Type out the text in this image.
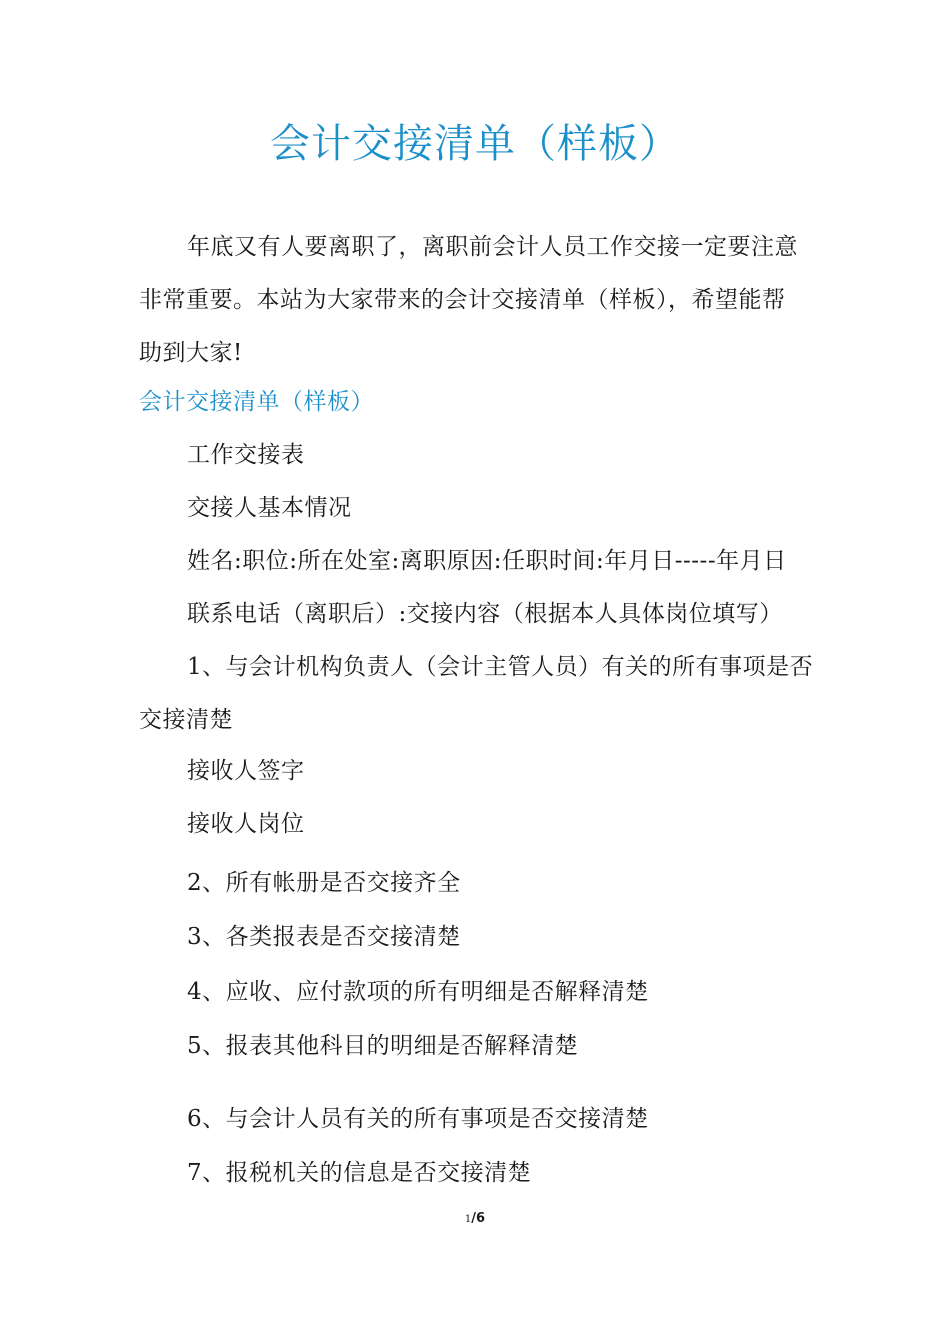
会计交接清单（样板）
年底又有人要离职了，离职前会计人员工作交接一定要注意
非常重要。本站为大家带来的会计交接清单（样板），希望能帮
助到大家!
会计交接清单（样板）
工作交接表
交接人基本情况
姓名:职位:所在处室:离职原因:任职时间:年月日-----年月日
联系电话（离职后）:交接内容（根据本人具体岗位填写）
1、与会计机构负责人（会计主管人员）有关的所有事项是否
交接清楚
接收人签字
接收人岗位
2、所有帐册是否交接齐全
3、各类报表是否交接清楚
4、应收、应付款项的所有明细是否解释清楚
5、报表其他科目的明细是否解释清楚
6、与会计人员有关的所有事项是否交接清楚
7、报税机关的信息是否交接清楚
1/6
